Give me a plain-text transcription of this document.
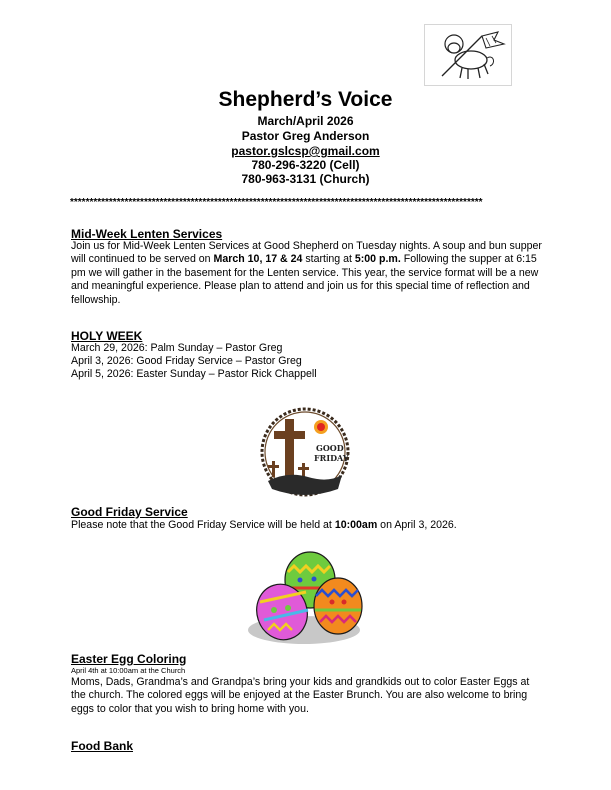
Shepherd’s Voice
March/April 2026
Pastor Greg Anderson
pastor.gslcsp@gmail.com
780-296-3220 (Cell)
780-963-3131 (Church)
**********************************************************************************************************
Mid-Week Lenten Services
Join us for Mid-Week Lenten Services at Good Shepherd on Tuesday nights. A soup and bun supper will continued to be served on March 10, 17 & 24 starting at 5:00 p.m. Following the supper at 6:15 pm we will gather in the basement for the Lenten service. This year, the service format will be a new and meaningful experience. Please plan to attend and join us for this special time of reflection and fellowship.
HOLY WEEK
March 29, 2026: Palm Sunday – Pastor Greg
April 3, 2026: Good Friday Service – Pastor Greg
April 5, 2026: Easter Sunday – Pastor Rick Chappell
GOOD
FRIDAY
Good Friday Service
Please note that the Good Friday Service will be held at 10:00am on April 3, 2026.
Easter Egg Coloring
April 4th at 10:00am at the Church
Moms, Dads, Grandma’s and Grandpa’s bring your kids and grandkids out to color Easter Eggs at the church. The colored eggs will be enjoyed at the Easter Brunch. You are also welcome to bring eggs to color that you wish to bring home with you.
Food Bank
